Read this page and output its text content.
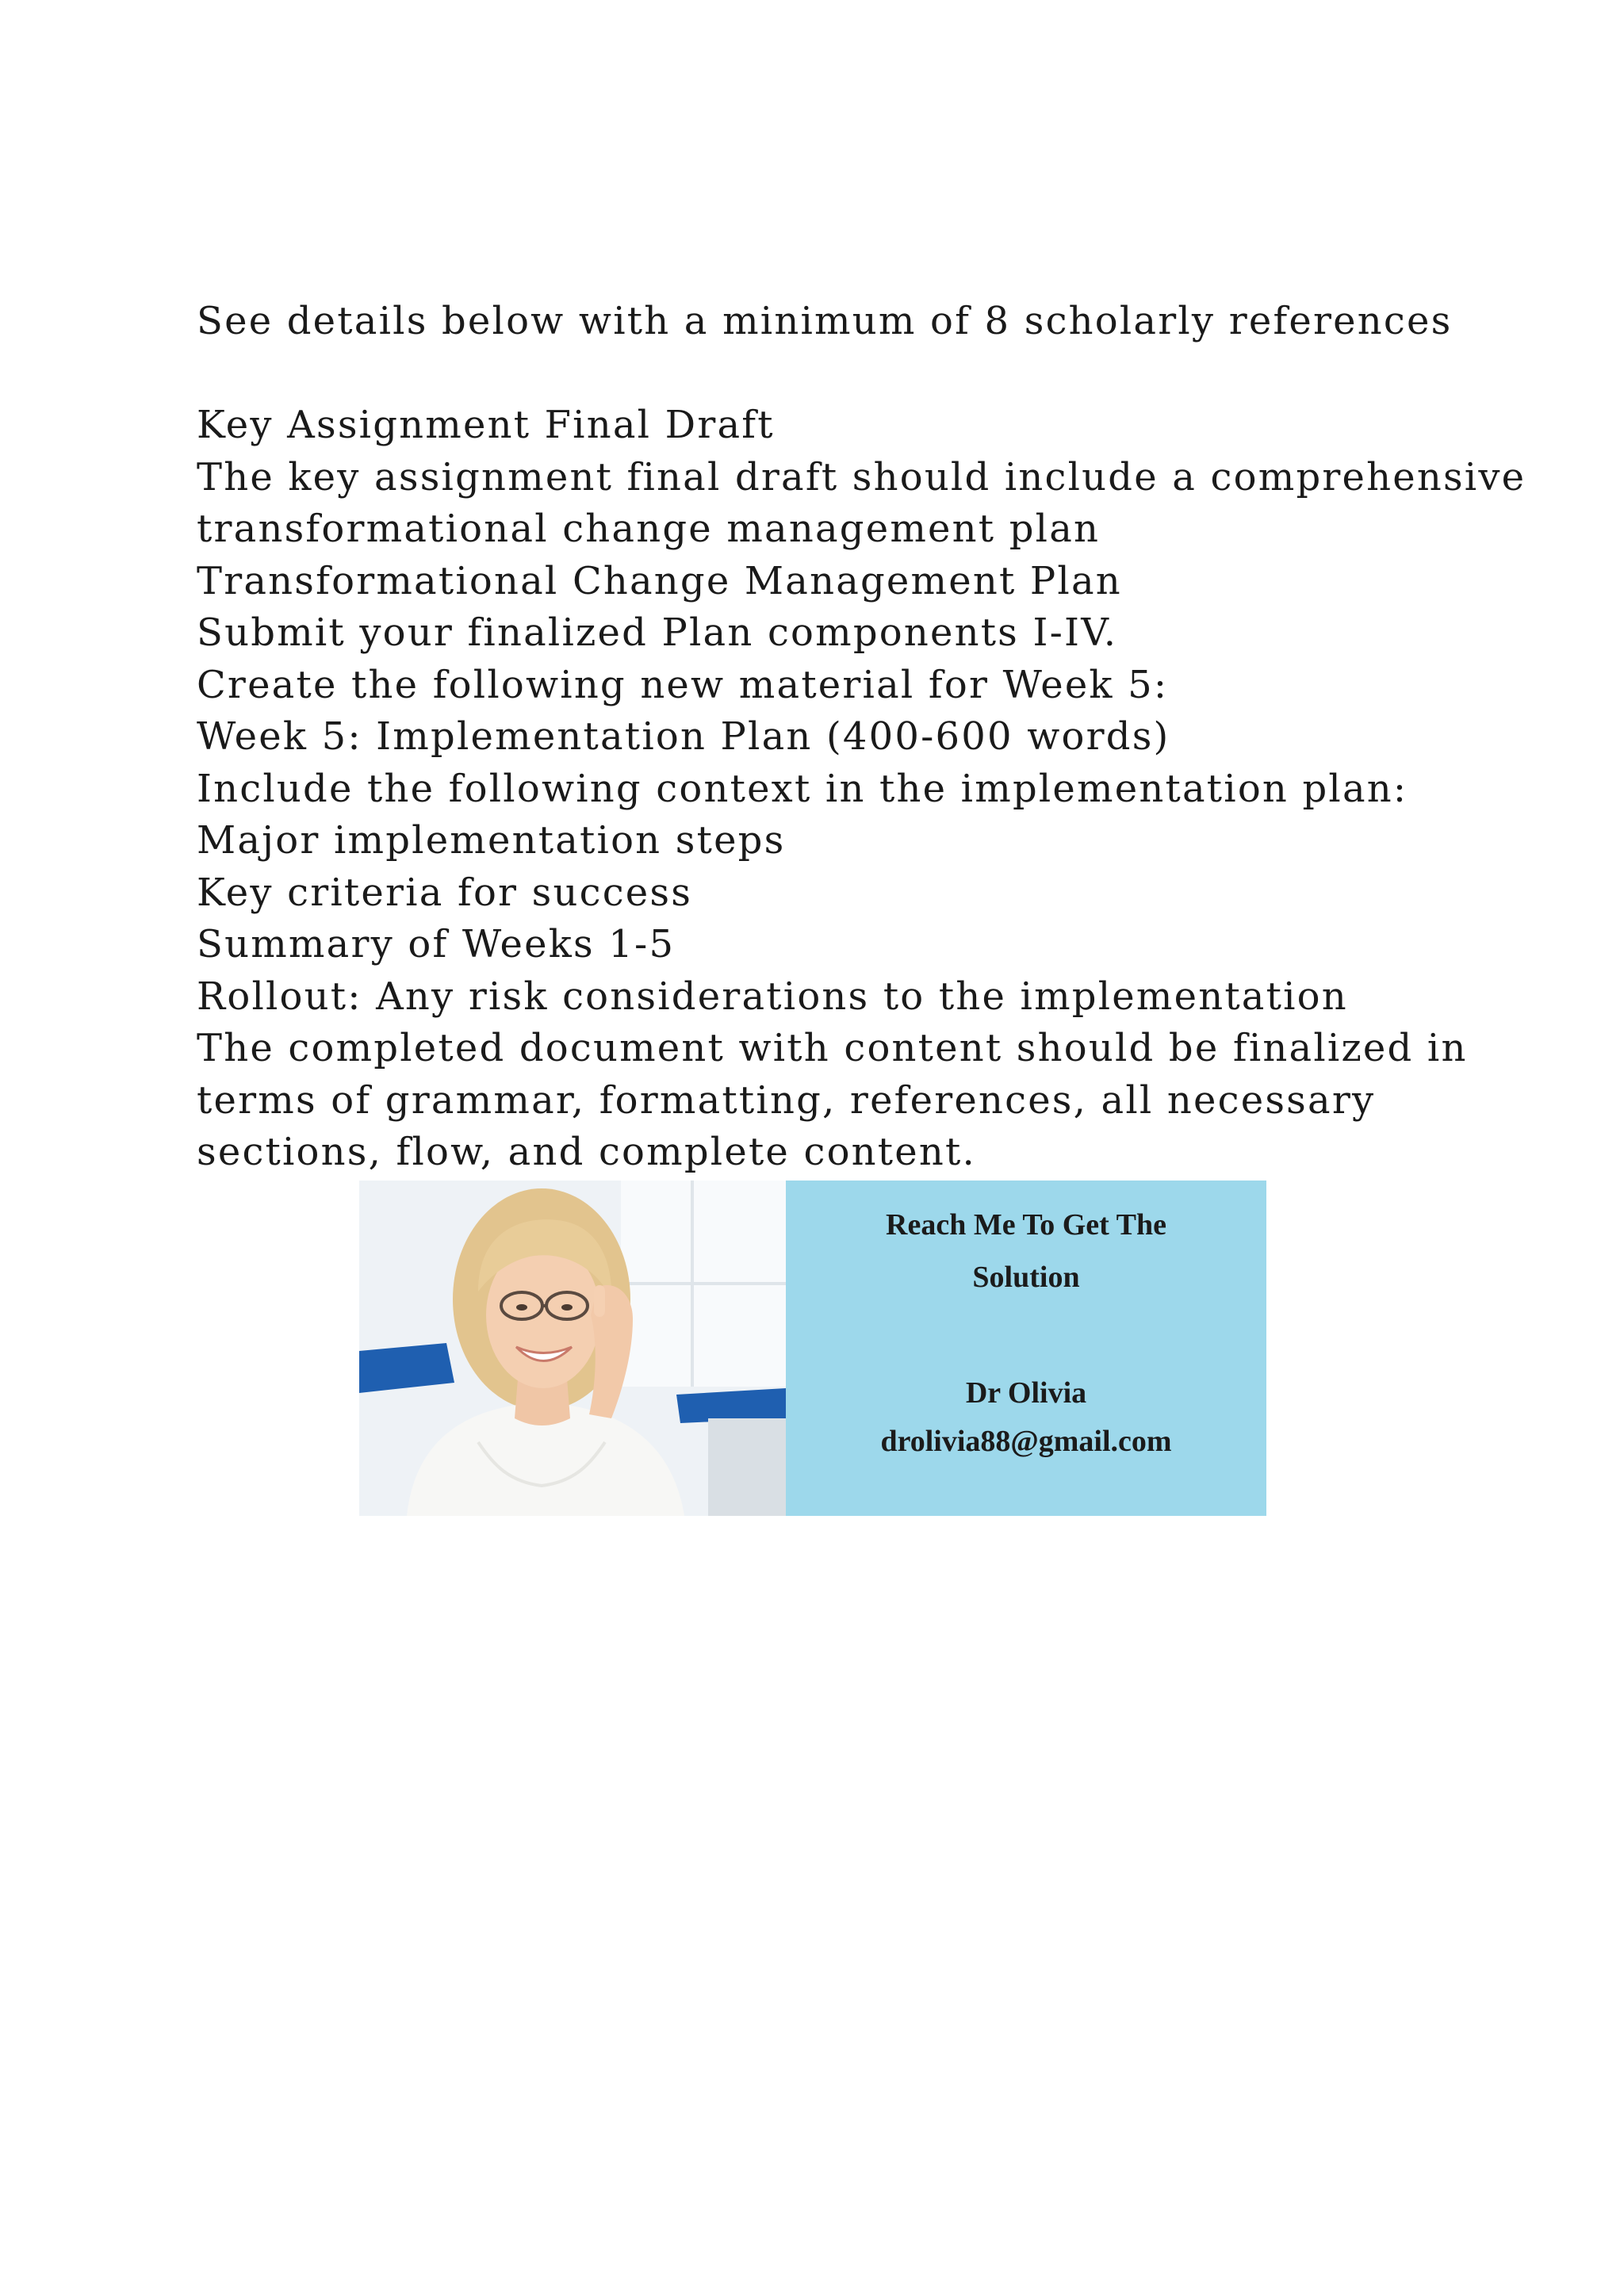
See details below with a minimum of 8 scholarly references
Key Assignment Final Draft
The key assignment final draft should include a comprehensive
transformational change management plan
Transformational Change Management Plan
Submit your finalized Plan components I-IV.
Create the following new material for Week 5:
Week 5: Implementation Plan (400-600 words)
Include the following context in the implementation plan:
Major implementation steps
Key criteria for success
Summary of Weeks 1-5
Rollout: Any risk considerations to the implementation
The completed document with content should be finalized in
terms of grammar, formatting, references, all necessary
sections, flow, and complete content.
Reach Me To Get The
Solution
Dr Olivia
drolivia88@gmail.com
